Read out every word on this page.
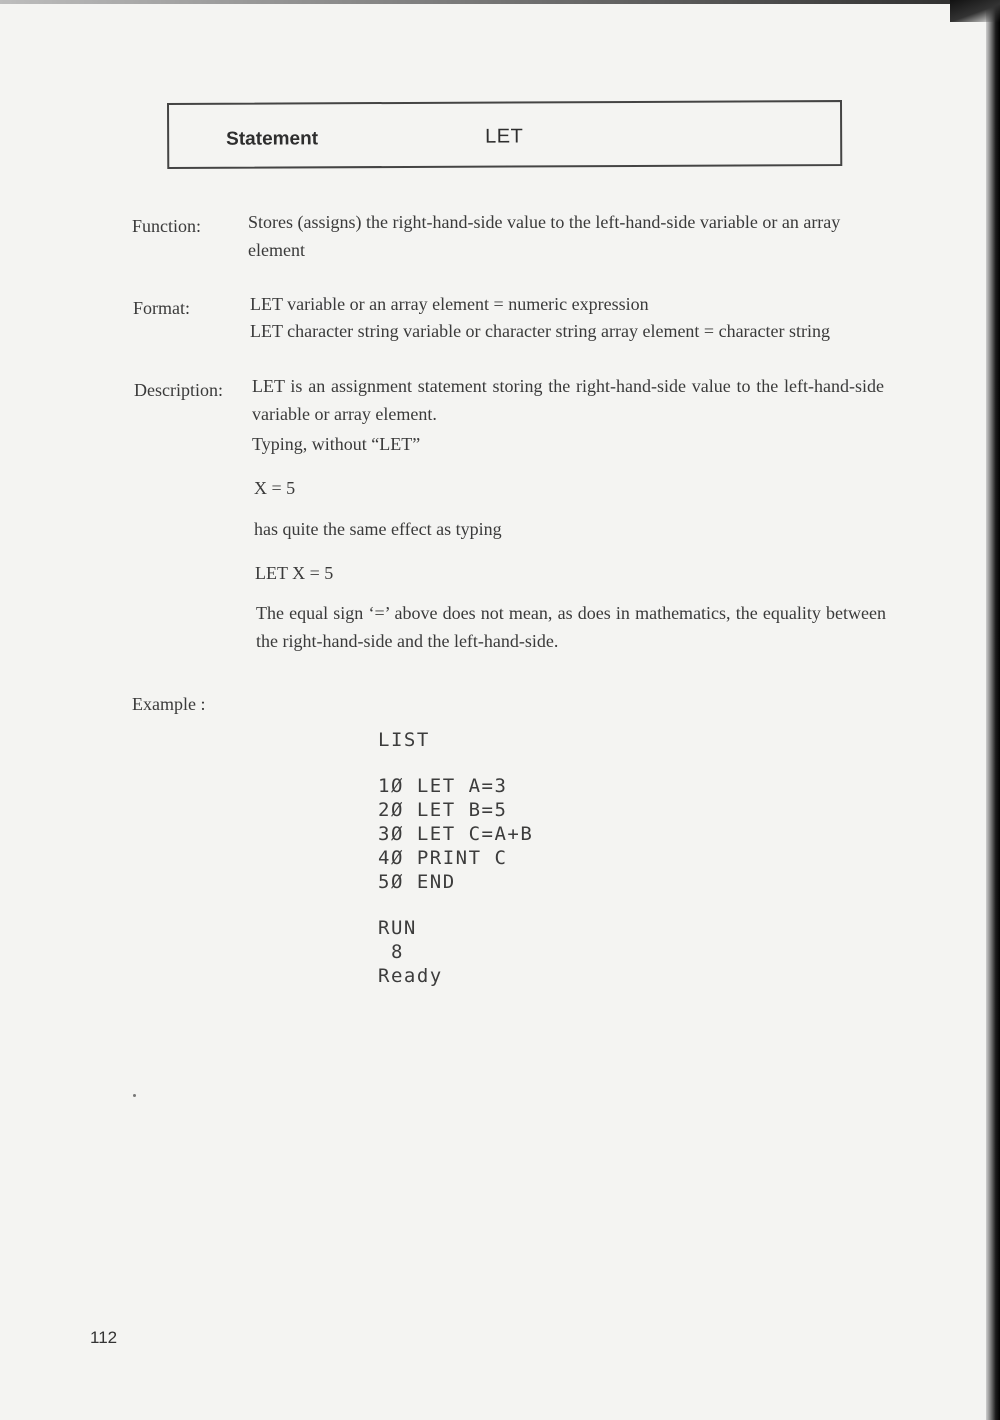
Statement	LET
Function:	Stores (assigns) the right-hand-side value to the left-hand-side variable or an array element
Format:	LET variable or an array element = numeric expression
LET character string variable or character string array element = character string
Description: LET is an assignment statement storing the right-hand-side value to the left-hand-side variable or array element.
Typing, without “LET”
X = 5
has quite the same effect as typing
LET X = 5
The equal sign ‘=’ above does not mean, as does in mathematics, the equality between the right-hand-side and the left-hand-side.
Example :
LIST
1Ø LET A=3
2Ø LET B=5
3Ø LET C=A+B
4Ø PRINT C
5Ø END
RUN
8
Ready
112
